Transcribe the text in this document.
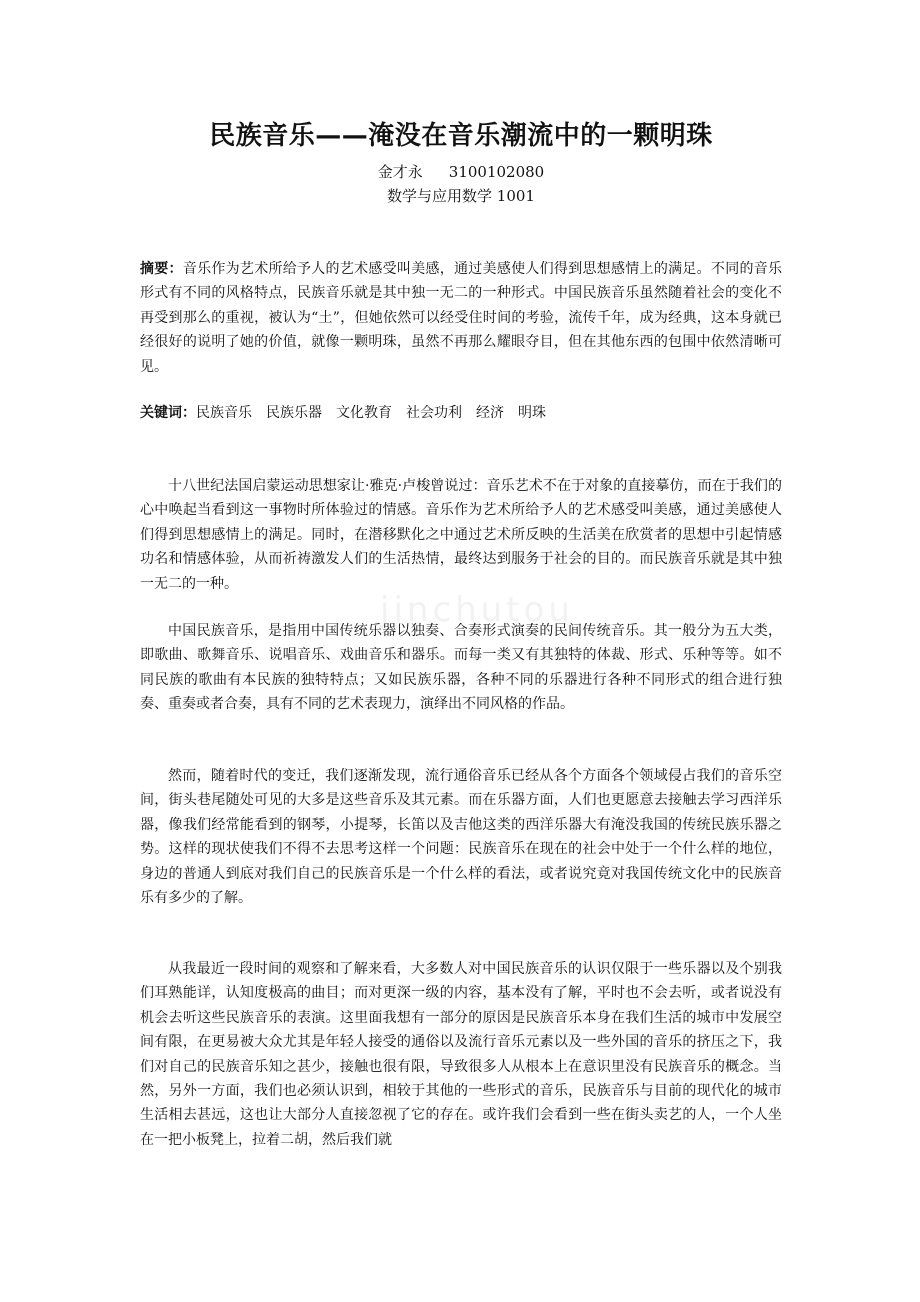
民族音乐——淹没在音乐潮流中的一颗明珠
金才永 3100102080
数学与应用数学 1001

摘要：音乐作为艺术所给予人的艺术感受叫美感，通过美感使人们得到思想感情上的满足。不同的音乐形式有不同的风格特点，民族音乐就是其中独一无二的一种形式。中国民族音乐虽然随着社会的变化不再受到那么的重视，被认为“土”，但她依然可以经受住时间的考验，流传千年，成为经典，这本身就已经很好的说明了她的价值，就像一颗明珠，虽然不再那么耀眼夺目，但在其他东西的包围中依然清晰可见。

关键词：民族音乐 民族乐器 文化教育 社会功利 经济 明珠

十八世纪法国启蒙运动思想家让·雅克·卢梭曾说过：音乐艺术不在于对象的直接摹仿，而在于我们的心中唤起当看到这一事物时所体验过的情感。音乐作为艺术所给予人的艺术感受叫美感，通过美感使人们得到思想感情上的满足。同时，在潜移默化之中通过艺术所反映的生活美在欣赏者的思想中引起情感功名和情感体验，从而祈祷激发人们的生活热情，最终达到服务于社会的目的。而民族音乐就是其中独一无二的一种。

中国民族音乐，是指用中国传统乐器以独奏、合奏形式演奏的民间传统音乐。其一般分为五大类，即歌曲、歌舞音乐、说唱音乐、戏曲音乐和器乐。而每一类又有其独特的体裁、形式、乐种等等。如不同民族的歌曲有本民族的独特特点；又如民族乐器，各种不同的乐器进行各种不同形式的组合进行独奏、重奏或者合奏，具有不同的艺术表现力，演绎出不同风格的作品。

然而，随着时代的变迁，我们逐渐发现，流行通俗音乐已经从各个方面各个领域侵占我们的音乐空间，街头巷尾随处可见的大多是这些音乐及其元素。而在乐器方面，人们也更愿意去接触去学习西洋乐器，像我们经常能看到的钢琴，小提琴，长笛以及吉他这类的西洋乐器大有淹没我国的传统民族乐器之势。这样的现状使我们不得不去思考这样一个问题：民族音乐在现在的社会中处于一个什么样的地位，身边的普通人到底对我们自己的民族音乐是一个什么样的看法，或者说究竟对我国传统文化中的民族音乐有多少的了解。

从我最近一段时间的观察和了解来看，大多数人对中国民族音乐的认识仅限于一些乐器以及个别我们耳熟能详，认知度极高的曲目；而对更深一级的内容，基本没有了解，平时也不会去听，或者说没有机会去听这些民族音乐的表演。这里面我想有一部分的原因是民族音乐本身在我们生活的城市中发展空间有限，在更易被大众尤其是年轻人接受的通俗以及流行音乐元素以及一些外国的音乐的挤压之下，我们对自己的民族音乐知之甚少，接触也很有限，导致很多人从根本上在意识里没有民族音乐的概念。当然，另外一方面，我们也必须认识到，相较于其他的一些形式的音乐，民族音乐与目前的现代化的城市生活相去甚远，这也让大部分人直接忽视了它的存在。或许我们会看到一些在街头卖艺的人，一个人坐在一把小板凳上，拉着二胡，然后我们就

jinchutou
